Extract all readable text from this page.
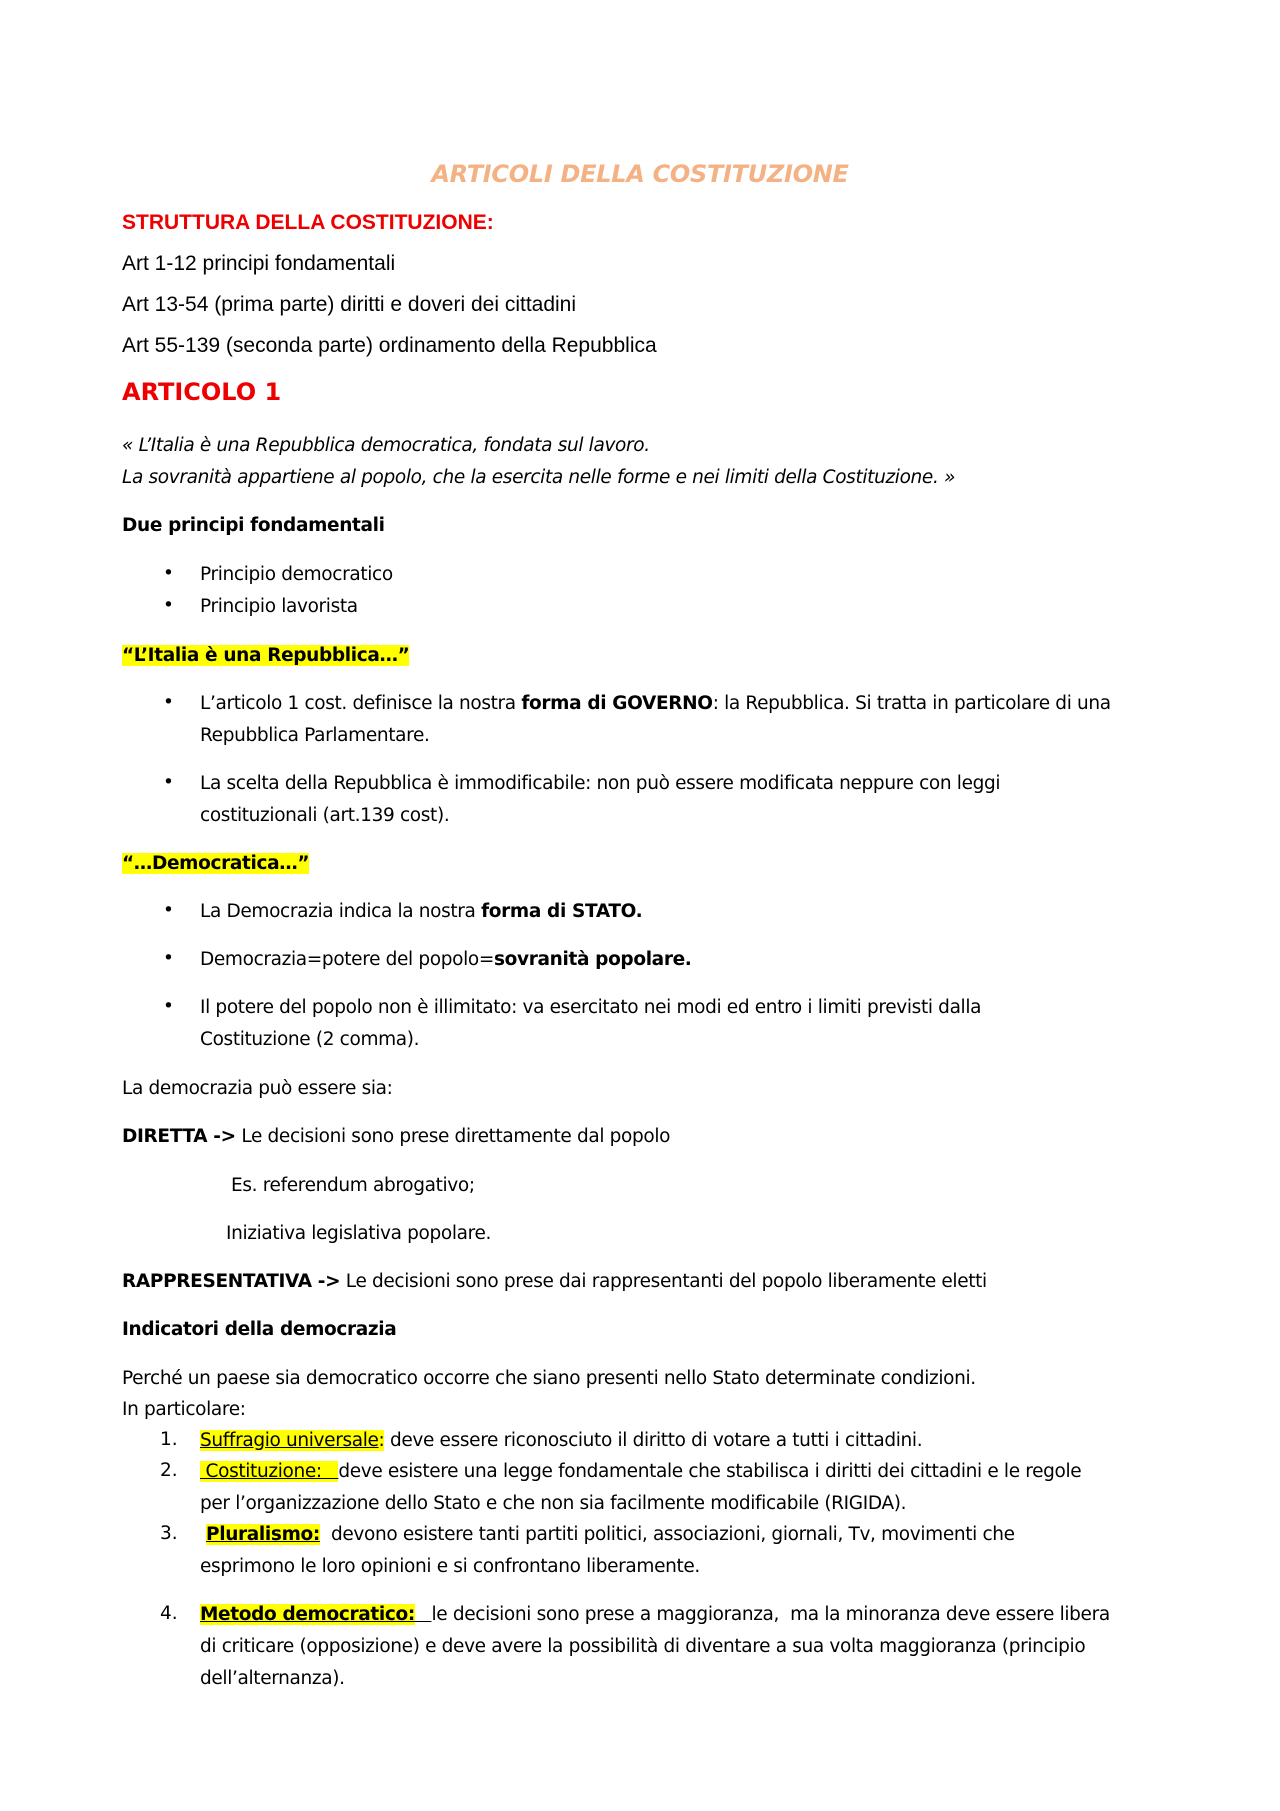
ARTICOLI DELLA COSTITUZIONE
STRUTTURA DELLA COSTITUZIONE:
Art 1-12 principi fondamentali
Art 13-54 (prima parte) diritti e doveri dei cittadini
Art 55-139 (seconda parte) ordinamento della Repubblica
ARTICOLO 1
« L’Italia è una Repubblica democratica, fondata sul lavoro.
La sovranità appartiene al popolo, che la esercita nelle forme e nei limiti della Costituzione. »
Due principi fondamentali
• Principio democratico
• Principio lavorista
“L’Italia è una Repubblica…”
• L’articolo 1 cost. definisce la nostra forma di GOVERNO: la Repubblica. Si tratta in particolare di una
Repubblica Parlamentare.
• La scelta della Repubblica è immodificabile: non può essere modificata neppure con leggi
costituzionali (art.139 cost).
“…Democratica…”
• La Democrazia indica la nostra forma di STATO.
• Democrazia=potere del popolo=sovranità popolare.
• Il potere del popolo non è illimitato: va esercitato nei modi ed entro i limiti previsti dalla
Costituzione (2 comma).
La democrazia può essere sia:
DIRETTA -> Le decisioni sono prese direttamente dal popolo
Es. referendum abrogativo;
Iniziativa legislativa popolare.
RAPPRESENTATIVA -> Le decisioni sono prese dai rappresentanti del popolo liberamente eletti
Indicatori della democrazia
Perché un paese sia democratico occorre che siano presenti nello Stato determinate condizioni.
In particolare:
1. Suffragio universale: deve essere riconosciuto il diritto di votare a tutti i cittadini.
2. Costituzione:   deve esistere una legge fondamentale che stabilisca i diritti dei cittadini e le regole
per l’organizzazione dello Stato e che non sia facilmente modificabile (RIGIDA).
3. Pluralismo:  devono esistere tanti partiti politici, associazioni, giornali, Tv, movimenti che
esprimono le loro opinioni e si confrontano liberamente.
4. Metodo democratico: le decisioni sono prese a maggioranza,  ma la minoranza deve essere libera
di criticare (opposizione) e deve avere la possibilità di diventare a sua volta maggioranza (principio
dell’alternanza).
